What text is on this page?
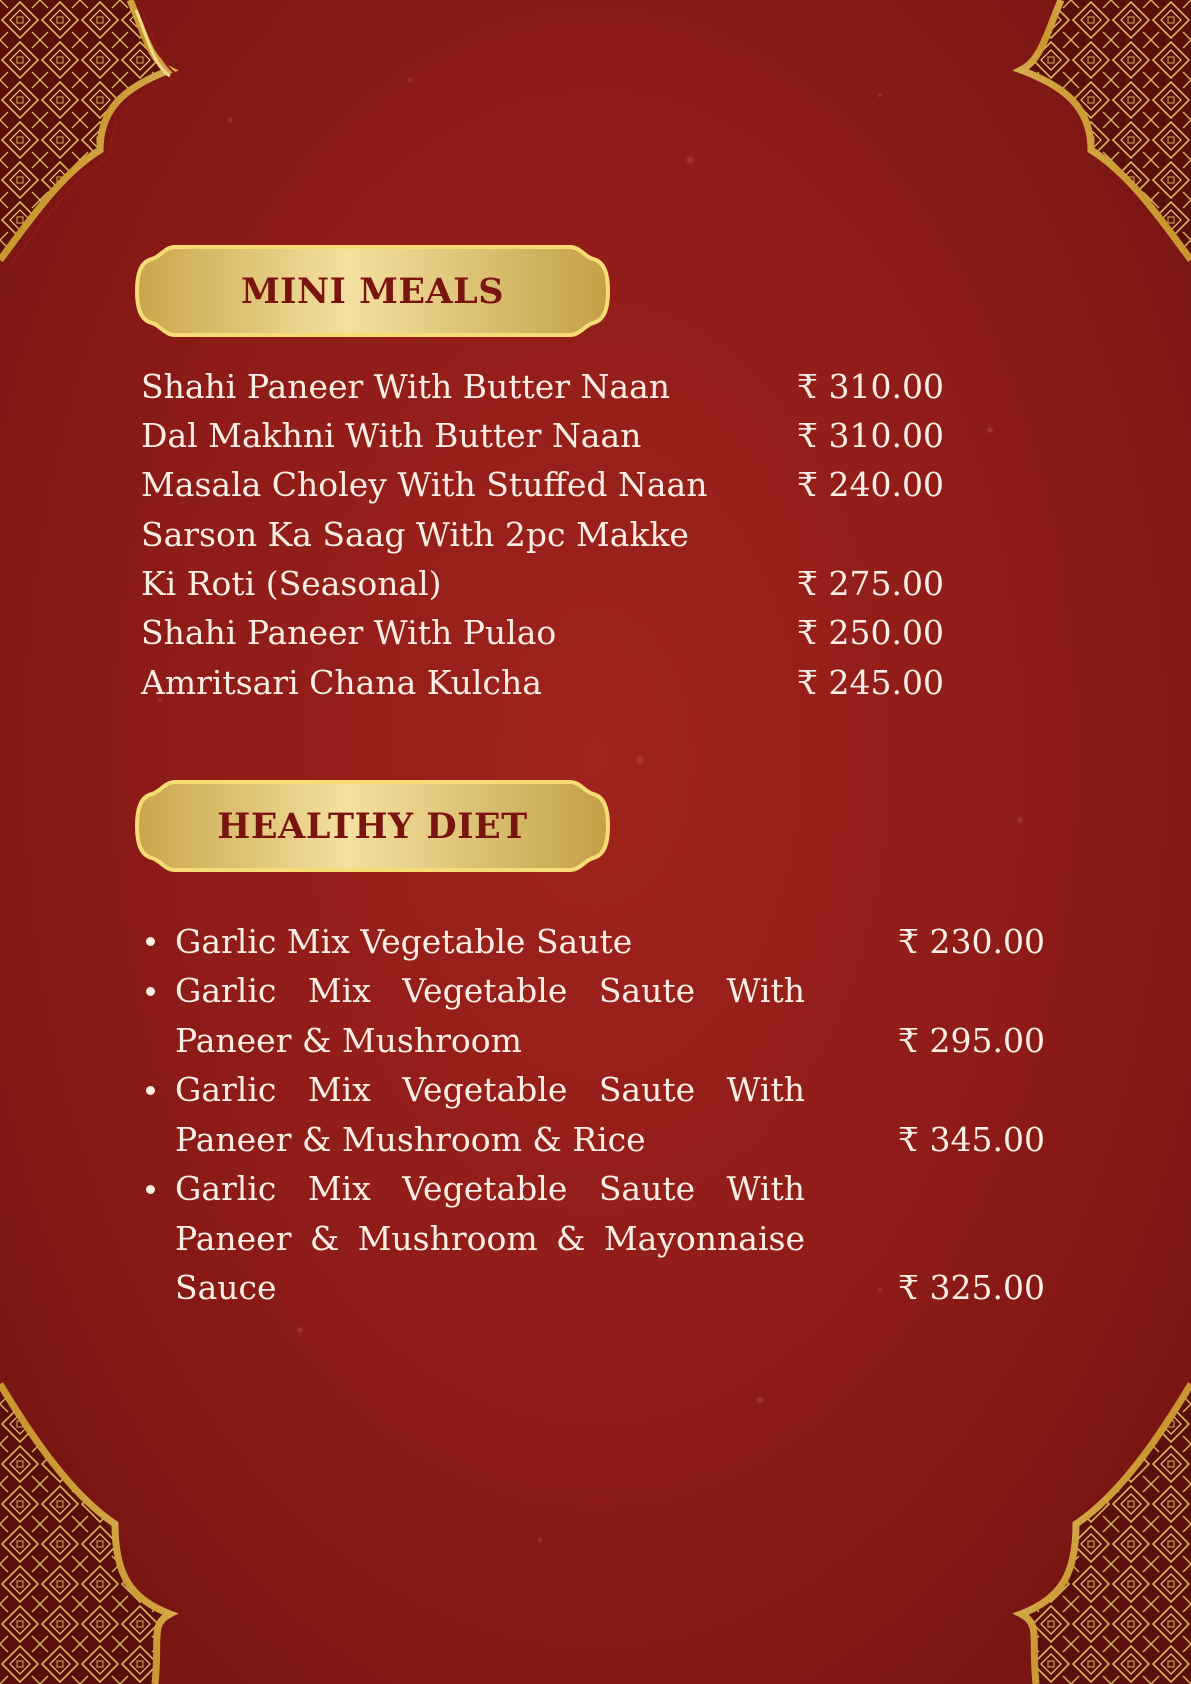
MINI MEALS
Shahi Paneer With Butter Naan	₹ 310.00
Dal Makhni With Butter Naan	₹ 310.00
Masala Choley With Stuffed Naan	₹ 240.00
Sarson Ka Saag With 2pc Makke
Ki Roti (Seasonal)	₹ 275.00
Shahi Paneer With Pulao	₹ 250.00
Amritsari Chana Kulcha	₹ 245.00
HEALTHY DIET
Garlic Mix Vegetable Saute	₹ 230.00
Garlic Mix Vegetable Saute With
Paneer & Mushroom	₹ 295.00
Garlic Mix Vegetable Saute With
Paneer & Mushroom & Rice	₹ 345.00
Garlic Mix Vegetable Saute With
Paneer & Mushroom & Mayonnaise
Sauce	₹ 325.00
